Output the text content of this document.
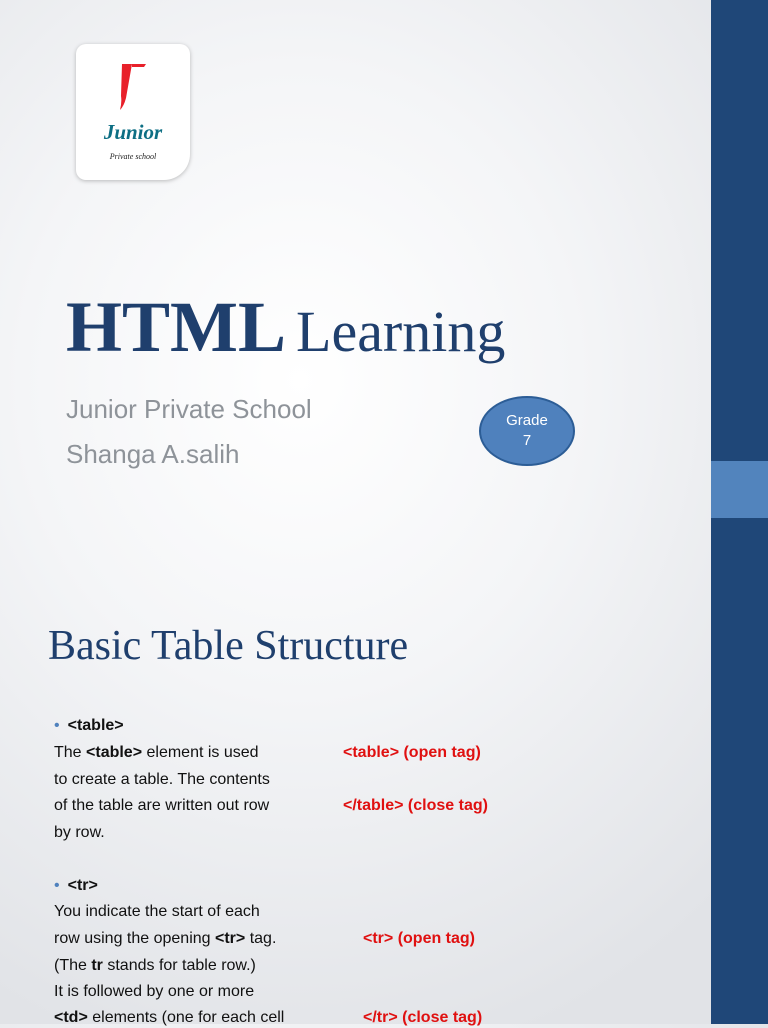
Junior
Private school
HTML Learning
Junior Private School
Shanga A.salih
Grade
7
Basic Table Structure
• <table>
The <table> element is used
to create a table. The contents
of the table are written out row
by row.
<table> (open tag)
</table> (close tag)
• <tr>
You indicate the start of each
row using the opening <tr> tag.
(The tr stands for table row.)
It is followed by one or more
<td> elements (one for each cell
<tr> (open tag)
</tr> (close tag)
